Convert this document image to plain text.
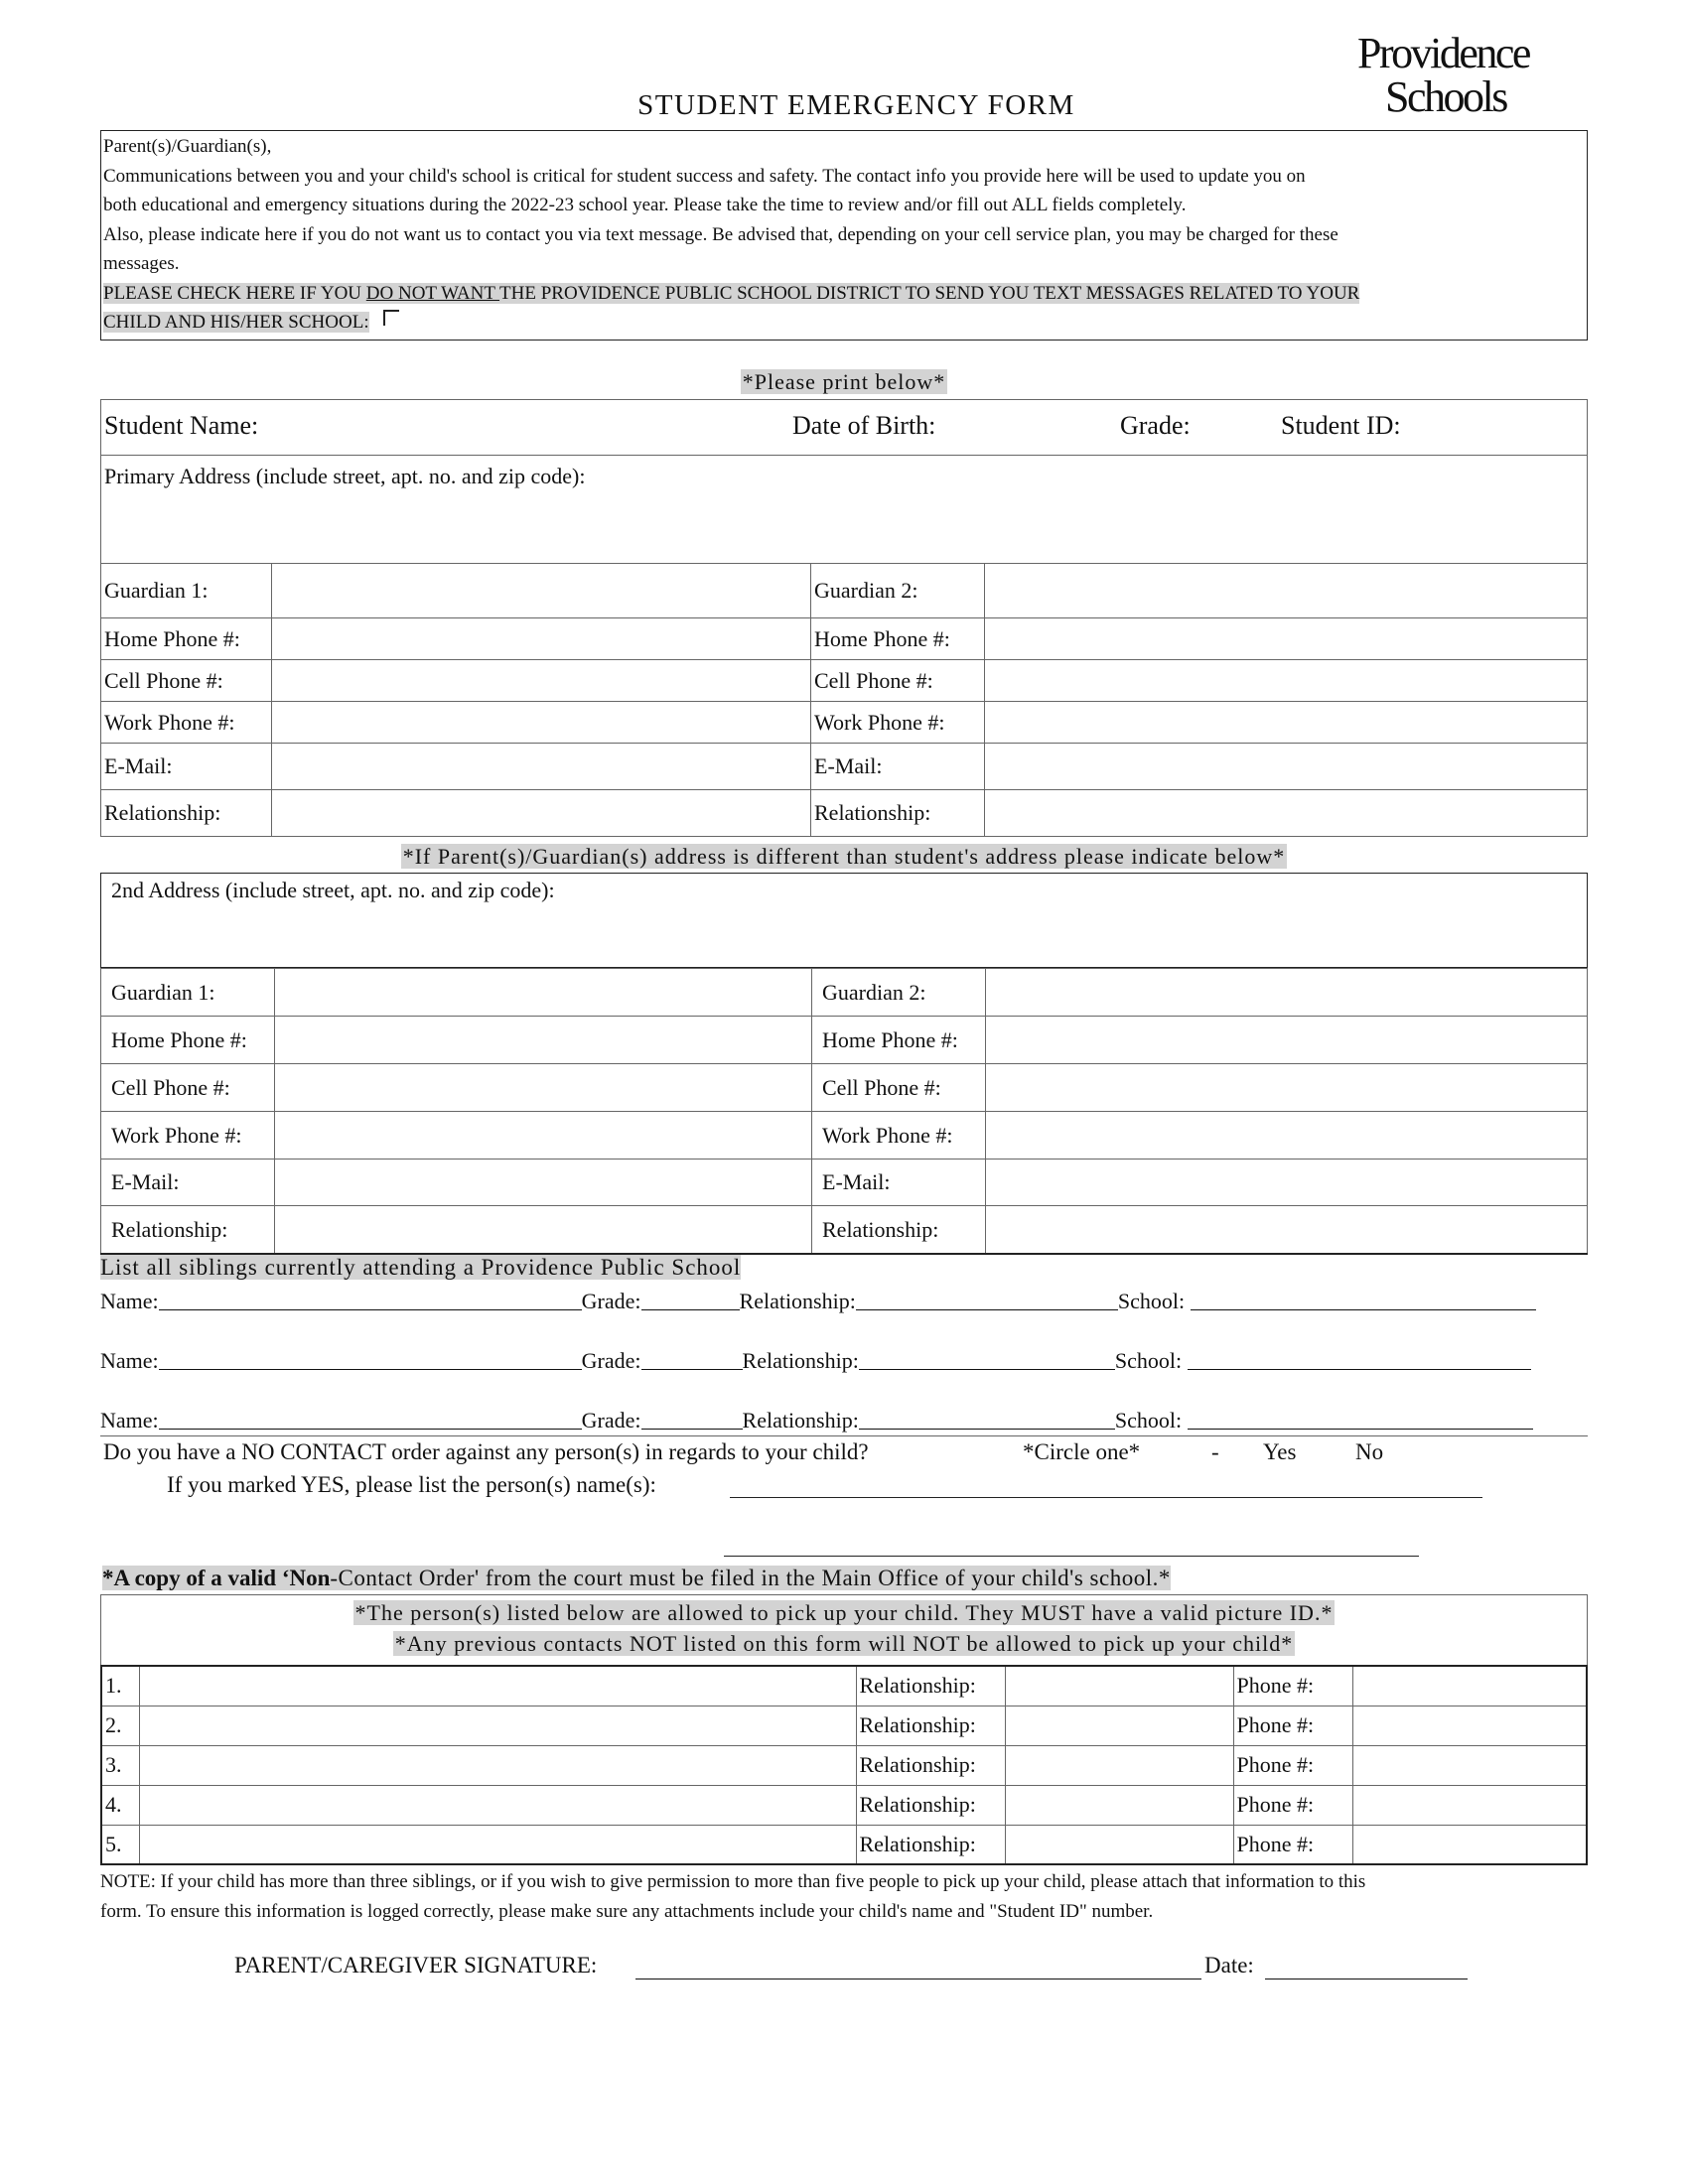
Providence
Schools
STUDENT EMERGENCY FORM

Parent(s)/Guardian(s),

Communications between you and your child's school is critical for student success and safety. The contact info you provide here will be used to update you on

both educational and emergency situations during the 2022-23 school year. Please take the time to review and/or fill out ALL fields completely.

Also, please indicate here if you do not want us to contact you via text message. Be advised that, depending on your cell service plan, you may be charged for these

messages.

PLEASE CHECK HERE IF YOU DO NOT WANT THE PROVIDENCE PUBLIC SCHOOL DISTRICT TO SEND YOU TEXT MESSAGES RELATED TO YOUR

CHILD AND HIS/HER SCHOOL:

*Please print below*
Student Name:	Date of Birth:	Grade:	Student ID:
Primary Address (include street, apt. no. and zip code):
Guardian 1:		Guardian 2:	
Home Phone #:		Home Phone #:	
Cell Phone #:		Cell Phone #:	
Work Phone #:		Work Phone #:	
E-Mail:		E-Mail:	
Relationship:		Relationship:	
*If Parent(s)/Guardian(s) address is different than student's address please indicate below*
2nd Address (include street, apt. no. and zip code):
Guardian 1:		Guardian 2:	
Home Phone #:		Home Phone #:	
Cell Phone #:		Cell Phone #:	
Work Phone #:		Work Phone #:	
E-Mail:		E-Mail:	
Relationship:		Relationship:	
List all siblings currently attending a Providence Public School
Name:	Grade:	Relationship:	School:
Name:	Grade:	Relationship:	School:
Name:	Grade:	Relationship:	School:
Do you have a NO CONTACT order against any person(s) in regards to your child?	*Circle one*	- Yes	No
If you marked YES, please list the person(s) name(s):
*A copy of a valid ‘Non-Contact Order' from the court must be filed in the Main Office of your child's school.*
*The person(s) listed below are allowed to pick up your child. They MUST have a valid picture ID.*
*Any previous contacts NOT listed on this form will NOT be allowed to pick up your child*
1.		Relationship:		Phone #:	
2.		Relationship:		Phone #:	
3.		Relationship:		Phone #:	
4.		Relationship:		Phone #:	
5.		Relationship:		Phone #:	
NOTE: If your child has more than three siblings, or if you wish to give permission to more than five people to pick up your child, please attach that information to this
form. To ensure this information is logged correctly, please make sure any attachments include your child's name and "Student ID" number.
PARENT/CAREGIVER SIGNATURE:	Date:
